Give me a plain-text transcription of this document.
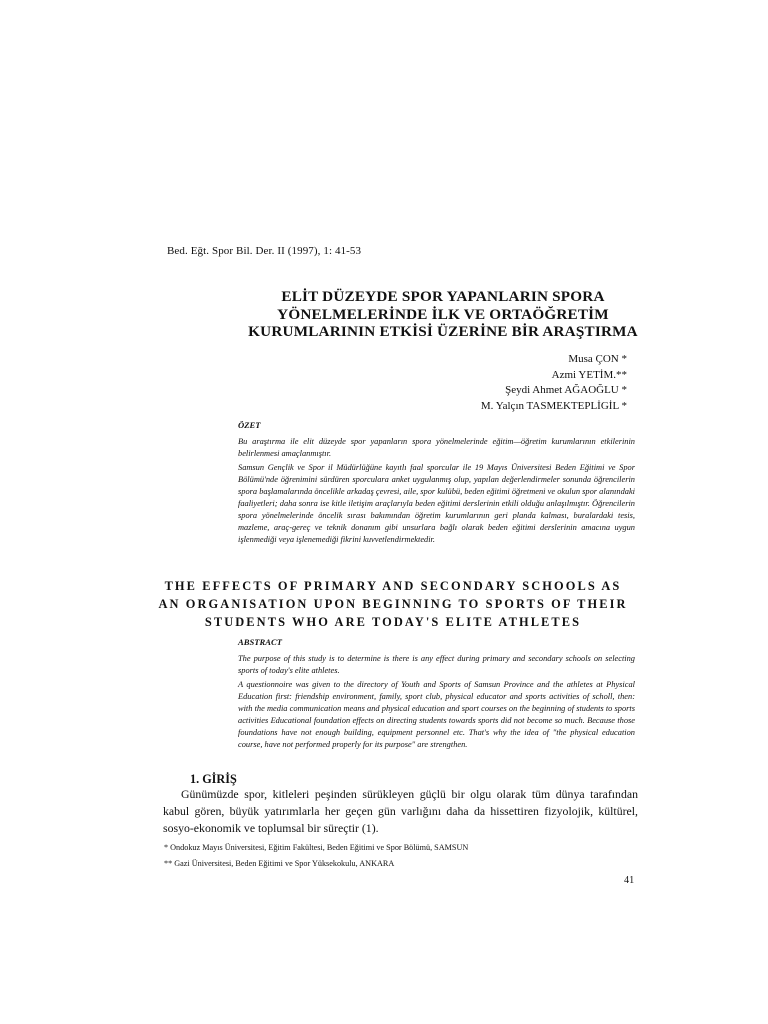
Bed. Eğt. Spor Bil. Der. II (1997), 1: 41-53
ELİT DÜZEYDE SPOR YAPANLARIN SPORA
YÖNELMELERİNDE İLK VE ORTAÖĞRETİM
KURUMLARININ ETKİSİ ÜZERİNE BİR ARAŞTIRMA
Musa ÇON *
Azmi YETİM.**
Şeydi Ahmet AĞAOĞLU *
M. Yalçın TASMEKTEPLİGİL *
ÖZET

Bu araştırma ile elit düzeyde spor yapanların spora yönelmelerinde eğitim—öğretim kurumlarının etkilerinin belirlenmesi amaçlanmıştır.

Samsun Gençlik ve Spor il Müdürlüğüne kayıtlı faal sporcular ile 19 Mayıs Üniversitesi Beden Eğitimi ve Spor Bölümü'nde öğrenimini sürdüren sporculara anket uygulanmış olup, yapılan değerlendirmeler sonunda öğrencilerin spora başlamalarında öncelikle arkadaş çevresi, aile, spor kulübü, beden eğitimi öğretmeni ve okulun spor alanındaki faaliyetleri; daha sonra ise kitle iletişim araçlarıyla beden eğitimi derslerinin etkili olduğu anlaşılmıştır. Öğrencilerin spora yönelmelerinde öncelik sırası bakımından öğretim kurumlarının geri planda kalması, buralardaki tesis, mazleme, araç-gereç ve teknik donanım gibi unsurlara bağlı olarak beden eğitimi derslerinin amacına uygun işlenmediği veya işlenemediği fikrini kuvvetlendirmektedir.

THE EFFECTS OF PRIMARY AND SECONDARY SCHOOLS AS
AN ORGANISATION UPON BEGINNING TO SPORTS OF THEIR
STUDENTS WHO ARE TODAY'S ELITE ATHLETES
ABSTRACT

The purpose of this study is to determine is there is any effect during primary and secondary schools on selecting sports of today's elite athletes.

A questionnoire was given to the directory of Youth and Sports of Samsun Province and the athletes at Physical Education first: friendship environment, family, sport club, physical educator and sports activities of scholl, then: with the media communication means and physical education and sport courses on the beginning of students to sports activities Educational foundation effects on directing students towards sports did not become so much. Because those foundations have not enough building, equipment personnel etc. That's why the idea of "the physical education course, have not performed properly for its purpose" are strengthen.

1. GİRİŞ

Günümüzde spor, kitleleri peşinden sürükleyen güçlü bir olgu olarak tüm dünya tarafından kabul gören, büyük yatırımlarla her geçen gün varlığını daha da hissettiren fizyolojik, kültürel, sosyo-ekonomik ve toplumsal bir süreçtir (1).

* Ondokuz Mayıs Üniversitesi, Eğitim Fakültesi, Beden Eğitimi ve Spor Bölümü, SAMSUN
** Gazi Üniversitesi, Beden Eğitimi ve Spor Yüksekokulu, ANKARA
41
